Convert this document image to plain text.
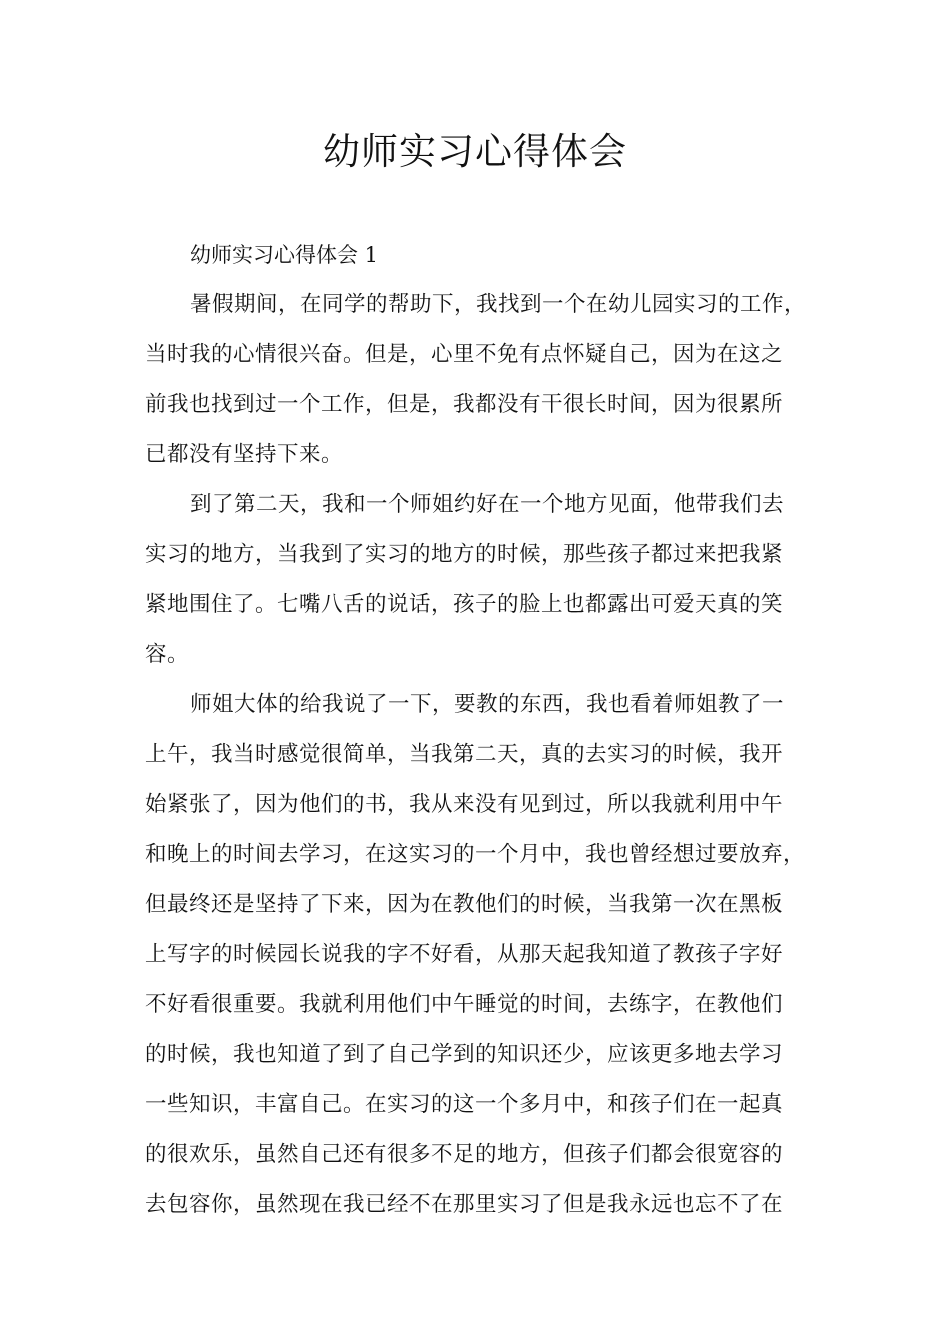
幼师实习心得体会

幼师实习心得体会 1

暑假期间，在同学的帮助下，我找到一个在幼儿园实习的工作，
当时我的心情很兴奋。但是，心里不免有点怀疑自己，因为在这之
前我也找到过一个工作，但是，我都没有干很长时间，因为很累所
已都没有坚持下来。
到了第二天，我和一个师姐约好在一个地方见面，他带我们去
实习的地方，当我到了实习的地方的时候，那些孩子都过来把我紧
紧地围住了。七嘴八舌的说话，孩子的脸上也都露出可爱天真的笑
容。
师姐大体的给我说了一下，要教的东西，我也看着师姐教了一
上午，我当时感觉很简单，当我第二天，真的去实习的时候，我开
始紧张了，因为他们的书，我从来没有见到过，所以我就利用中午
和晚上的时间去学习，在这实习的一个月中，我也曾经想过要放弃，
但最终还是坚持了下来，因为在教他们的时候，当我第一次在黑板
上写字的时候园长说我的字不好看，从那天起我知道了教孩子字好
不好看很重要。我就利用他们中午睡觉的时间，去练字，在教他们
的时候，我也知道了到了自己学到的知识还少，应该更多地去学习
一些知识，丰富自己。在实习的这一个多月中，和孩子们在一起真
的很欢乐，虽然自己还有很多不足的地方，但孩子们都会很宽容的
去包容你，虽然现在我已经不在那里实习了但是我永远也忘不了在
